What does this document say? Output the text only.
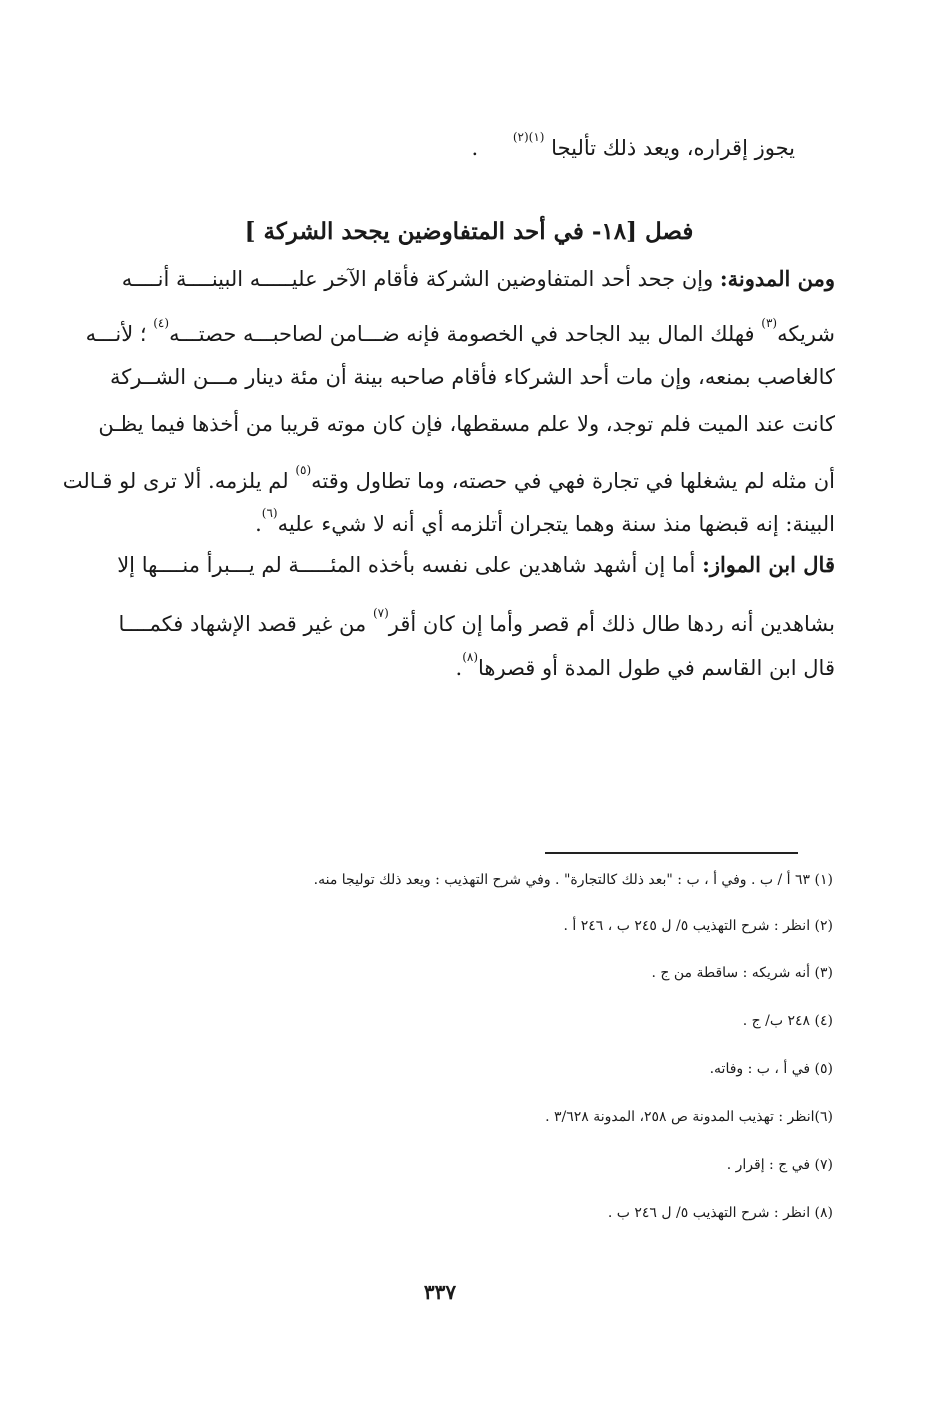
يجوز إقراره، ويعد ذلك تأليجا $^{(١)(٢)}$ .
فصل [١٨- في أحد المتفاوضين يجحد الشركة ]
ومن المدونة: وإن جحد أحد المتفاوضين الشركة فأقام الآخر عليـــــه البينــــة أنــــه
شريكه$^{(٣)}$ فهلك المال بيد الجاحد في الخصومة فإنه ضـــامن لصاحبـــه حصتـــه$^{(٤)}$ ؛ لأنـــه
كالغاصب بمنعه، وإن مات أحد الشركاء فأقام صاحبه بينة أن مئة دينار مـــن الشــركة
كانت عند الميت فلم توجد، ولا علم مسقطها، فإن كان موته قريبا من أخذها فيما يظـن
أن مثله لم يشغلها في تجارة فهي في حصته، وما تطاول وقته$^{(٥)}$ لم يلزمه. ألا ترى لو قـالت
البينة: إنه قبضها منذ سنة وهما يتجران أتلزمه أي أنه لا شيء عليه$^{(٦)}$.
قال ابن المواز: أما إن أشهد شاهدين على نفسه بأخذه المئـــــة لم يـــبرأ منــــها إلا
بشاهدين أنه ردها طال ذلك أم قصر وأما إن كان أقر$^{(٧)}$ من غير قصد الإشهاد فكمــــا
قال ابن القاسم في طول المدة أو قصرها$^{(٨)}$.
(١) ٦٣ أ / ب . وفي أ ، ب : "بعد ذلك كالتجارة" . وفي شرح التهذيب : ويعد ذلك توليجا منه.
(٢) انظر : شرح التهذيب ٥/ ل ٢٤٥ ب ، ٢٤٦ أ .
(٣) أنه شريكه : ساقطة من ج .
(٤) ٢٤٨ ب/ ج .
(٥) في أ ، ب : وفاته.
(٦)انظر : تهذيب المدونة ص ٢٥٨، المدونة ٣/٦٢٨ .
(٧) في ج : إقرار .
(٨) انظر : شرح التهذيب ٥/ ل ٢٤٦ ب .
٣٣٧
